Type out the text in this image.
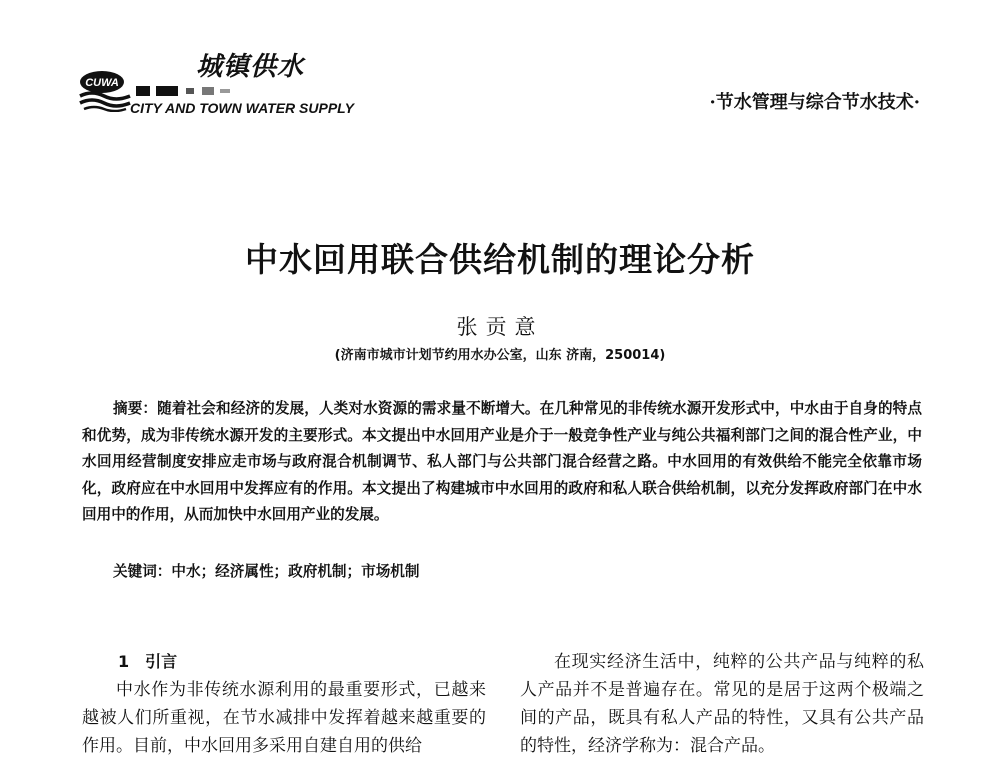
城镇供水
CUWA
CITY AND TOWN WATER SUPPLY	·节水管理与综合节水技术·
中水回用联合供给机制的理论分析
张贡意
(济南市城市计划节约用水办公室，山东 济南，250014)
摘要：随着社会和经济的发展，人类对水资源的需求量不断增大。在几种常见的非传统水源开发形式中，中水由于自身的特点和优势，成为非传统水源开发的主要形式。本文提出中水回用产业是介于一般竞争性产业与纯公共福利部门之间的混合性产业，中水回用经营制度安排应走市场与政府混合机制调节、私人部门与公共部门混合经营之路。中水回用的有效供给不能完全依靠市场化，政府应在中水回用中发挥应有的作用。本文提出了构建城市中水回用的政府和私人联合供给机制，以充分发挥政府部门在中水回用中的作用，从而加快中水回用产业的发展。
关键词：中水；经济属性；政府机制；市场机制
1　引言

中水作为非传统水源利用的最重要形式，已越来越被人们所重视，在节水减排中发挥着越来越重要的作用。目前，中水回用多采用自建自用的供给

在现实经济生活中，纯粹的公共产品与纯粹的私人产品并不是普遍存在。常见的是居于这两个极端之间的产品，既具有私人产品的特性，又具有公共产品的特性，经济学称为：混合产品。
